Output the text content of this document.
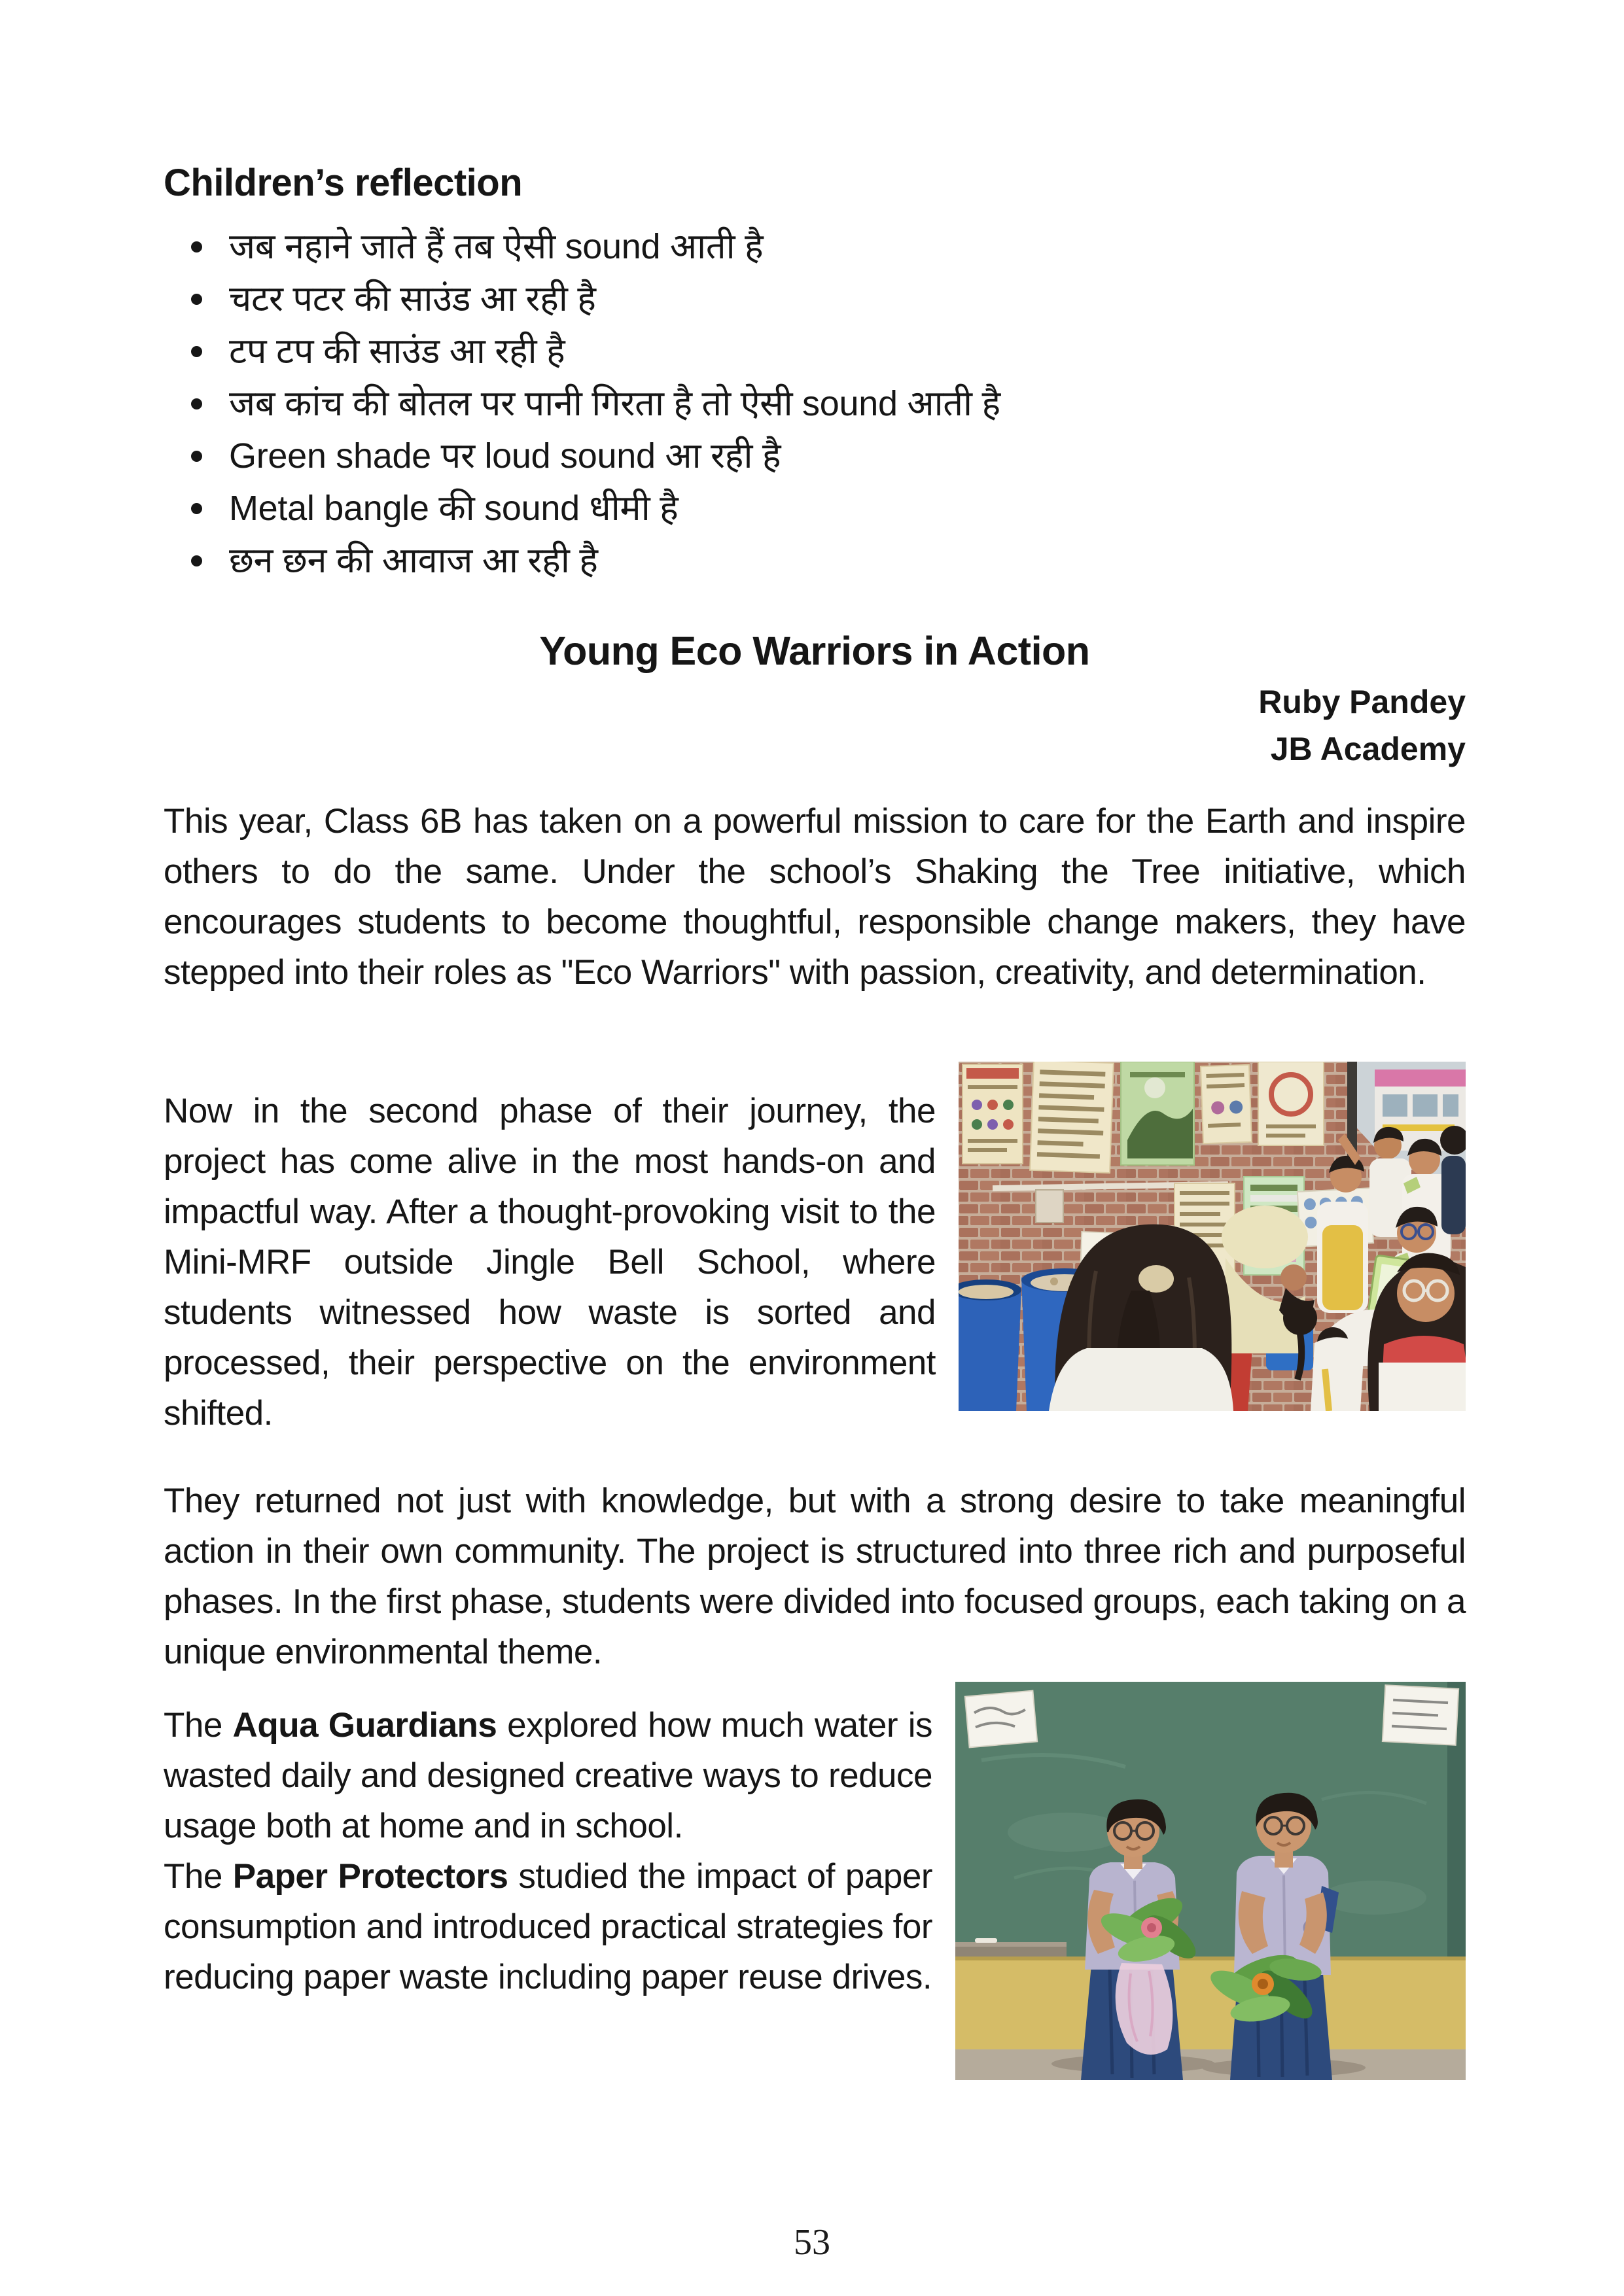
Children’s reflection
जब नहाने जाते हैं तब ऐसी sound आती है
चटर पटर की साउंड आ रही है
टप टप की साउंड आ रही है
जब कांच की बोतल पर पानी गिरता है तो ऐसी sound आती है
Green shade पर loud sound आ रही है
Metal bangle की sound धीमी है
छन छन की आवाज आ रही है
Young Eco Warriors in Action
Ruby Pandey
JB Academy

This year, Class 6B has taken on a powerful mission to care for the Earth and inspire others to do the same. Under the school’s Shaking the Tree initiative, which encourages students to become thoughtful, responsible change makers, they have stepped into their roles as "Eco Warriors" with passion, creativity, and determination.

Now in the second phase of their journey, the project has come alive in the most hands-on and impactful way. After a thought-provoking visit to the Mini-MRF outside Jingle Bell School, where students witnessed how waste is sorted and processed, their perspective on the environment shifted.

They returned not just with knowledge, but with a strong desire to take meaningful action in their own community. The project is structured into three rich and purposeful phases. In the first phase, students were divided into focused groups, each taking on a unique environmental theme.

The Aqua Guardians explored how much water is wasted daily and designed creative ways to reduce usage both at home and in school.

The Paper Protectors studied the impact of paper consumption and introduced practical strategies for reducing paper waste including paper reuse drives.

53
